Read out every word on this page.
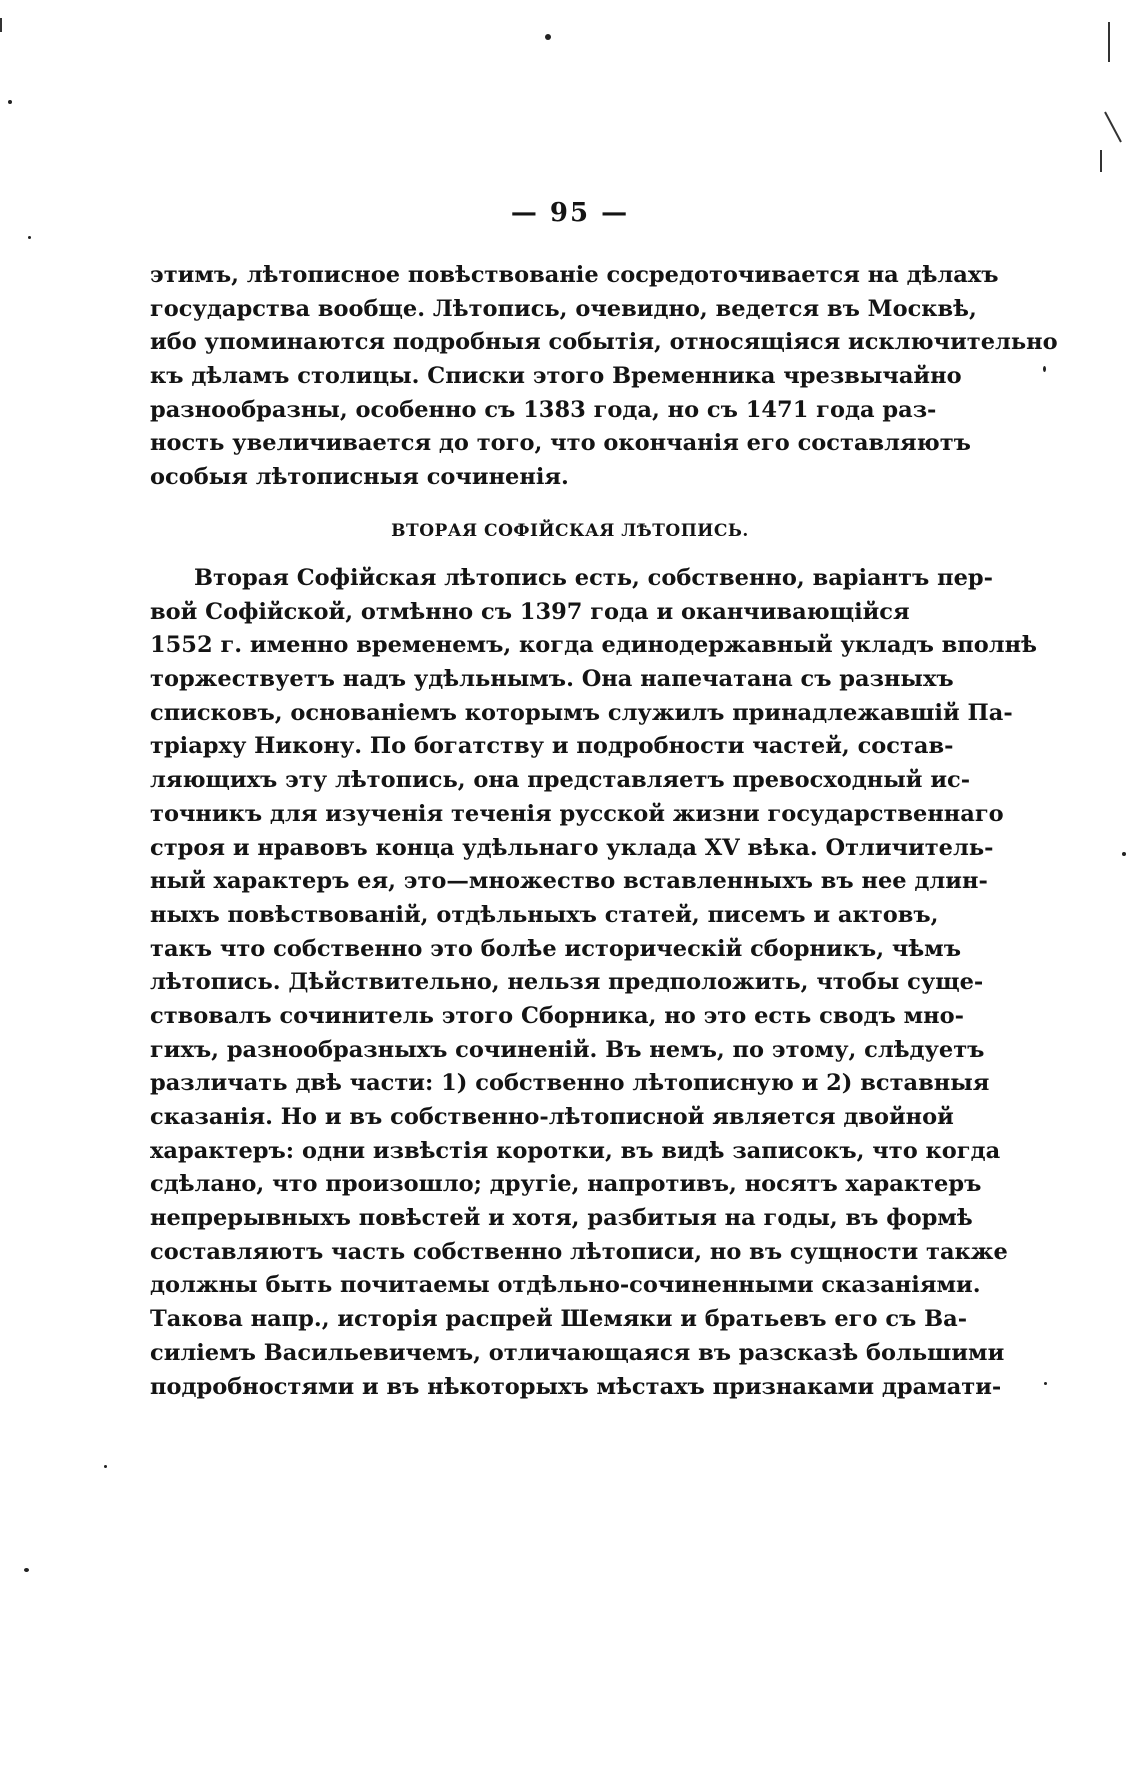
— 95 —
этимъ, лѣтописное повѣствованіе сосредоточивается на дѣлахъ
государства вообще. Лѣтопись, очевидно, ведется въ Москвѣ,
ибо упоминаются подробныя событія, относящіяся исключительно
къ дѣламъ столицы. Списки этого Временника чрезвычайно
разнообразны, особенно съ 1383 года, но съ 1471 года раз-
ность увеличивается до того, что окончанія его составляютъ
особыя лѣтописныя сочиненія.
ВТОРАЯ СОФІЙСКАЯ ЛѢТОПИСЬ.
Вторая Софійская лѣтопись есть, собственно, варіантъ пер-
вой Софійской, отмѣнно съ 1397 года и оканчивающійся
1552 г. именно временемъ, когда единодержавный укладъ вполнѣ
торжествуетъ надъ удѣльнымъ. Она напечатана съ разныхъ
списковъ, основаніемъ которымъ служилъ принадлежавшій Па-
тріарху Никону. По богатству и подробности частей, состав-
ляющихъ эту лѣтопись, она представляетъ превосходный ис-
точникъ для изученія теченія русской жизни государственнаго
строя и нравовъ конца удѣльнаго уклада XV вѣка. Отличитель-
ный характеръ ея, это—множество вставленныхъ въ нее длин-
ныхъ повѣствованій, отдѣльныхъ статей, писемъ и актовъ,
такъ что собственно это болѣе историческій сборникъ, чѣмъ
лѣтопись. Дѣйствительно, нельзя предположить, чтобы суще-
ствовалъ сочинитель этого Сборника, но это есть сводъ мно-
гихъ, разнообразныхъ сочиненій. Въ немъ, по этому, слѣдуетъ
различать двѣ части: 1) собственно лѣтописную и 2) вставныя
сказанія. Но и въ собственно-лѣтописной является двойной
характеръ: одни извѣстія коротки, въ видѣ записокъ, что когда
сдѣлано, что произошло; другіе, напротивъ, носятъ характеръ
непрерывныхъ повѣстей и хотя, разбитыя на годы, въ формѣ
составляютъ часть собственно лѣтописи, но въ сущности также
должны быть почитаемы отдѣльно-сочиненными сказаніями.
Такова напр., исторія распрей Шемяки и братьевъ его съ Ва-
силіемъ Васильевичемъ, отличающаяся въ разсказѣ большими
подробностями и въ нѣкоторыхъ мѣстахъ признаками драмати-
